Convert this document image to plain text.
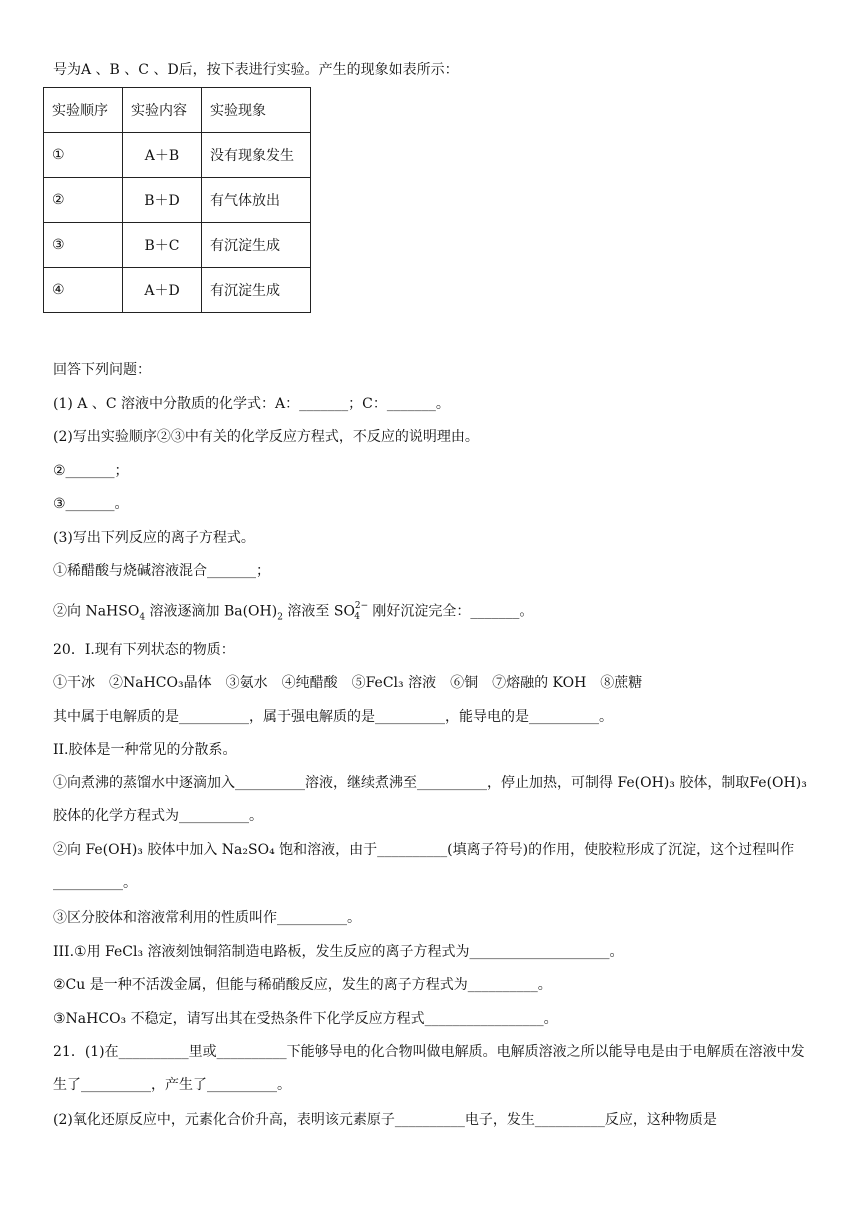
号为A 、B 、C 、D后，按下表进行实验。产生的现象如表所示：
实验顺序	实验内容	实验现象
①	A＋B	没有现象发生
②	B＋D	有气体放出
③	B＋C	有沉淀生成
④	A＋D	有沉淀生成
回答下列问题：
(1) A 、C 溶液中分散质的化学式：A：_______；C：_______。
(2)写出实验顺序②③中有关的化学反应方程式，不反应的说明理由。
②_______；
③_______。
(3)写出下列反应的离子方程式。
①稀醋酸与烧碱溶液混合_______；
②向 NaHSO$_4$ 溶液逐滴加 $Ba(OH)_2$ 溶液至 $SO^{2-}_4$ 刚好沉淀完全：_______。
20．I.现有下列状态的物质：
①干冰　②NaHCO₃晶体　③氨水　④纯醋酸　⑤FeCl₃ 溶液　⑥铜　⑦熔融的 KOH　⑧蔗糖
其中属于电解质的是__________，属于强电解质的是__________，能导电的是__________。
II.胶体是一种常见的分散系。
①向煮沸的蒸馏水中逐滴加入__________溶液，继续煮沸至__________，停止加热，可制得 Fe(OH)₃ 胶体，制取Fe(OH)₃ 胶体的化学方程式为__________。
②向 Fe(OH)₃ 胶体中加入 Na₂SO₄ 饱和溶液，由于__________(填离子符号)的作用，使胶粒形成了沉淀，这个过程叫作__________。
③区分胶体和溶液常利用的性质叫作__________。
III.①用 FeCl₃ 溶液刻蚀铜箔制造电路板，发生反应的离子方程式为____________________。
②Cu 是一种不活泼金属，但能与稀硝酸反应，发生的离子方程式为__________。
③NaHCO₃ 不稳定，请写出其在受热条件下化学反应方程式_________________。
21．(1)在__________里或__________下能够导电的化合物叫做电解质。电解质溶液之所以能导电是由于电解质在溶液中发生了__________，产生了__________。
(2)氧化还原反应中，元素化合价升高，表明该元素原子__________电子，发生__________反应，这种物质是
